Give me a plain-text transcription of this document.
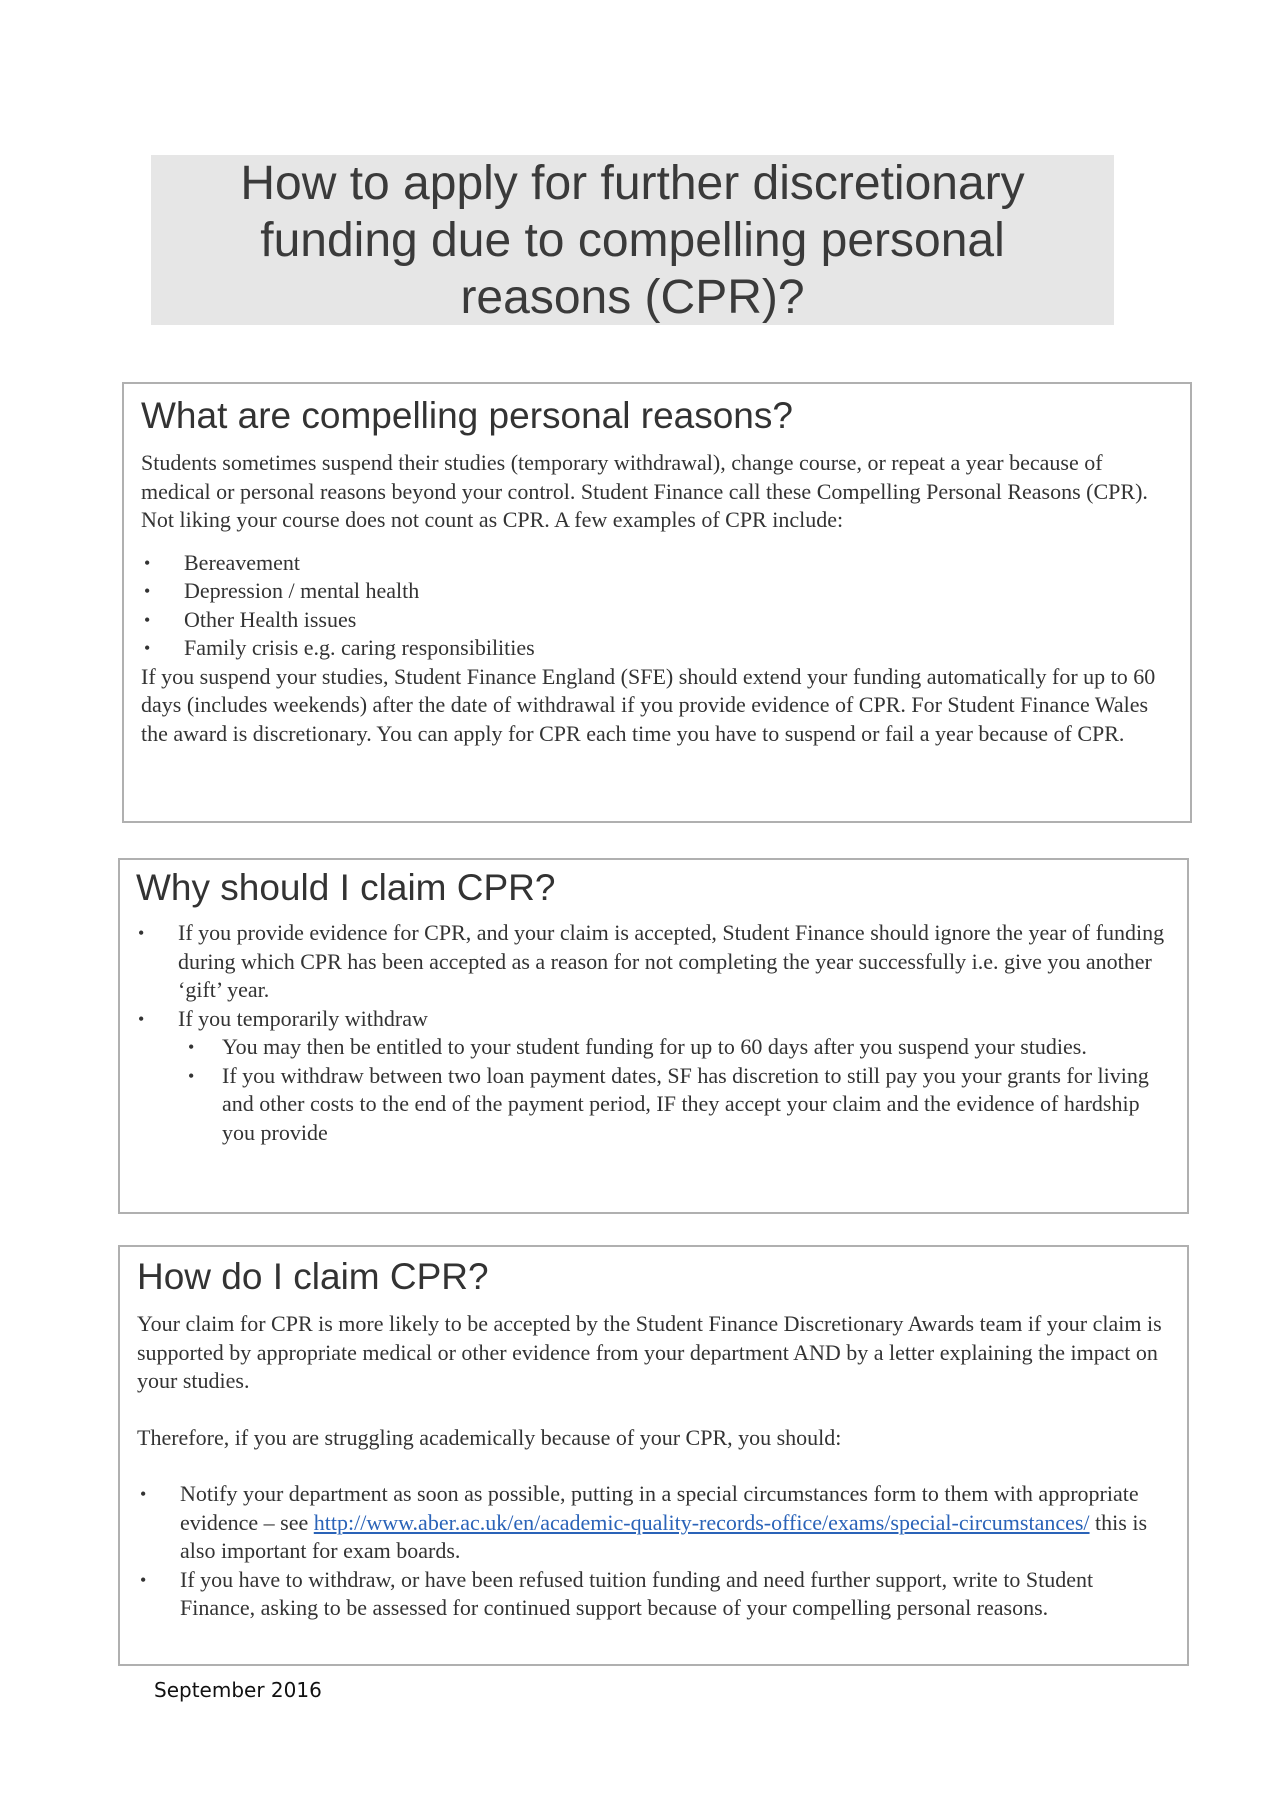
How to apply for further discretionary
funding due to compelling personal
reasons (CPR)?
What are compelling personal reasons?

Students sometimes suspend their studies (temporary withdrawal), change course, or repeat a year because of medical or personal reasons beyond your control. Student Finance call these Compelling Personal Reasons (CPR). Not liking your course does not count as CPR. A few examples of CPR include:

• Bereavement
• Depression / mental health
• Other Health issues
• Family crisis e.g. caring responsibilities

If you suspend your studies, Student Finance England (SFE) should extend your funding automatically for up to 60 days (includes weekends) after the date of withdrawal if you provide evidence of CPR. For Student Finance Wales the award is discretionary. You can apply for CPR each time you have to suspend or fail a year because of CPR.

Why should I claim CPR?
• If you provide evidence for CPR, and your claim is accepted, Student Finance should ignore the year of funding during which CPR has been accepted as a reason for not completing the year successfully i.e. give you another ‘gift’ year.
• If you temporarily withdraw
• You may then be entitled to your student funding for up to 60 days after you suspend your studies.
• If you withdraw between two loan payment dates, SF has discretion to still pay you your grants for living and other costs to the end of the payment period, IF they accept your claim and the evidence of hardship you provide
How do I claim CPR?

Your claim for CPR is more likely to be accepted by the Student Finance Discretionary Awards team if your claim is supported by appropriate medical or other evidence from your department AND by a letter explaining the impact on your studies.

Therefore, if you are struggling academically because of your CPR, you should:

• Notify your department as soon as possible, putting in a special circumstances form to them with appropriate evidence – see http://www.aber.ac.uk/en/academic-quality-records-office/exams/special-circumstances/ this is also important for exam boards.
• If you have to withdraw, or have been refused tuition funding and need further support, write to Student Finance, asking to be assessed for continued support because of your compelling personal reasons.
September 2016
